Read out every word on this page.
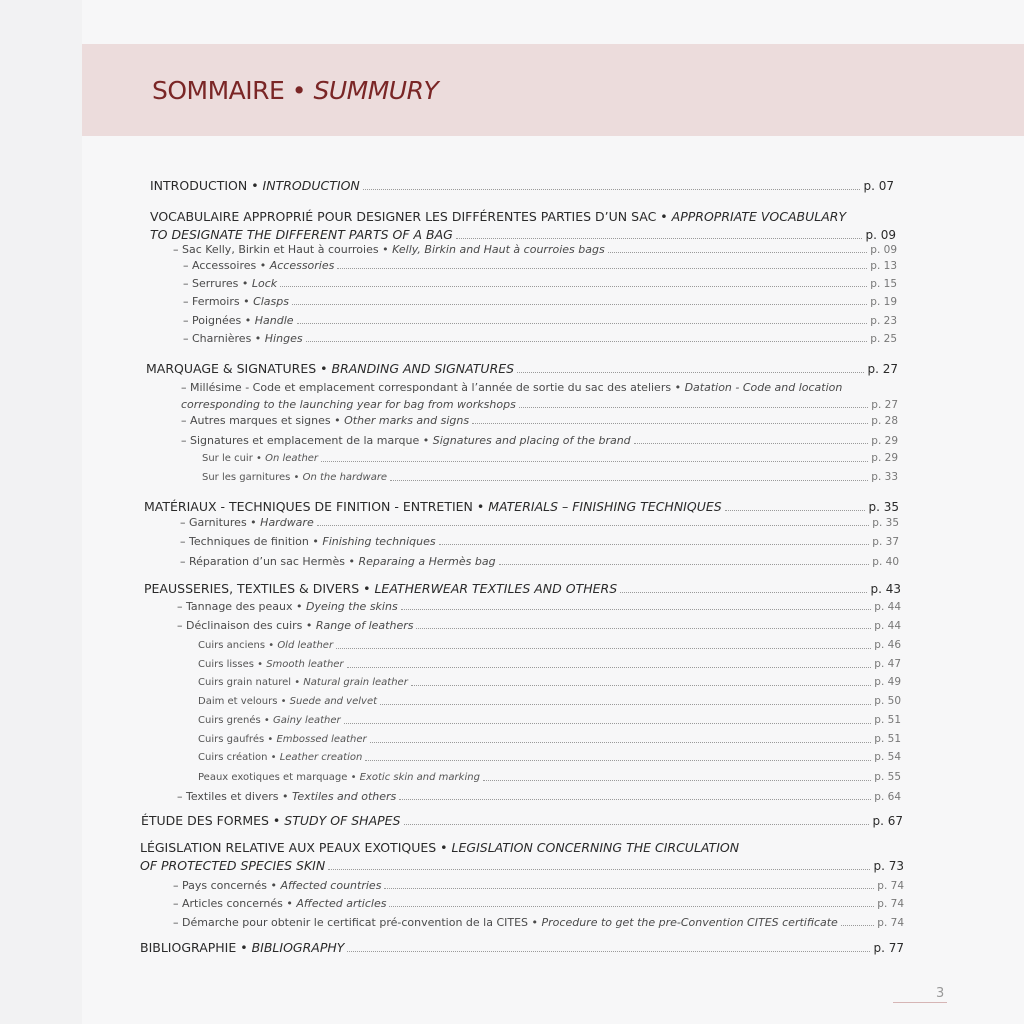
SOMMAIRE • SUMMURY
INTRODUCTION • INTRODUCTION	p. 07
VOCABULAIRE APPROPRIÉ POUR DESIGNER LES DIFFÉRENTES PARTIES D’UN SAC • APPROPRIATE VOCABULARY
TO DESIGNATE THE DIFFERENT PARTS OF A BAG	p. 09
– Sac Kelly, Birkin et Haut à courroies • Kelly, Birkin and Haut à courroies bags	p. 09
– Accessoires • Accessories	p. 13
– Serrures • Lock	p. 15
– Fermoirs • Clasps	p. 19
– Poignées • Handle	p. 23
– Charnières • Hinges	p. 25
MARQUAGE & SIGNATURES • BRANDING AND SIGNATURES	p. 27
– Millésime - Code et emplacement correspondant à l’année de sortie du sac des ateliers • Datation - Code and location
corresponding to the launching year for bag from workshops	p. 27
– Autres marques et signes • Other marks and signs	p. 28
– Signatures et emplacement de la marque • Signatures and placing of the brand	p. 29
Sur le cuir • On leather	p. 29
Sur les garnitures • On the hardware	p. 33
MATÉRIAUX - TECHNIQUES DE FINITION - ENTRETIEN • MATERIALS – FINISHING TECHNIQUES	p. 35
– Garnitures • Hardware	p. 35
– Techniques de finition • Finishing techniques	p. 37
– Réparation d’un sac Hermès • Reparaing a Hermès bag	p. 40
PEAUSSERIES, TEXTILES & DIVERS • LEATHERWEAR TEXTILES AND OTHERS	p. 43
– Tannage des peaux • Dyeing the skins	p. 44
– Déclinaison des cuirs • Range of leathers	p. 44
Cuirs anciens • Old leather	p. 46
Cuirs lisses • Smooth leather	p. 47
Cuirs grain naturel • Natural grain leather	p. 49
Daim et velours • Suede and velvet	p. 50
Cuirs grenés • Gainy leather	p. 51
Cuirs gaufrés • Embossed leather	p. 51
Cuirs création • Leather creation	p. 54
Peaux exotiques et marquage • Exotic skin and marking	p. 55
– Textiles et divers • Textiles and others	p. 64
ÉTUDE DES FORMES • STUDY OF SHAPES	p. 67
LÉGISLATION RELATIVE AUX PEAUX EXOTIQUES • LEGISLATION CONCERNING THE CIRCULATION
OF PROTECTED SPECIES SKIN	p. 73
– Pays concernés • Affected countries	p. 74
– Articles concernés • Affected articles	p. 74
– Démarche pour obtenir le certificat pré-convention de la CITES • Procedure to get the pre-Convention CITES certificate	p. 74
BIBLIOGRAPHIE • BIBLIOGRAPHY	p. 77
3
